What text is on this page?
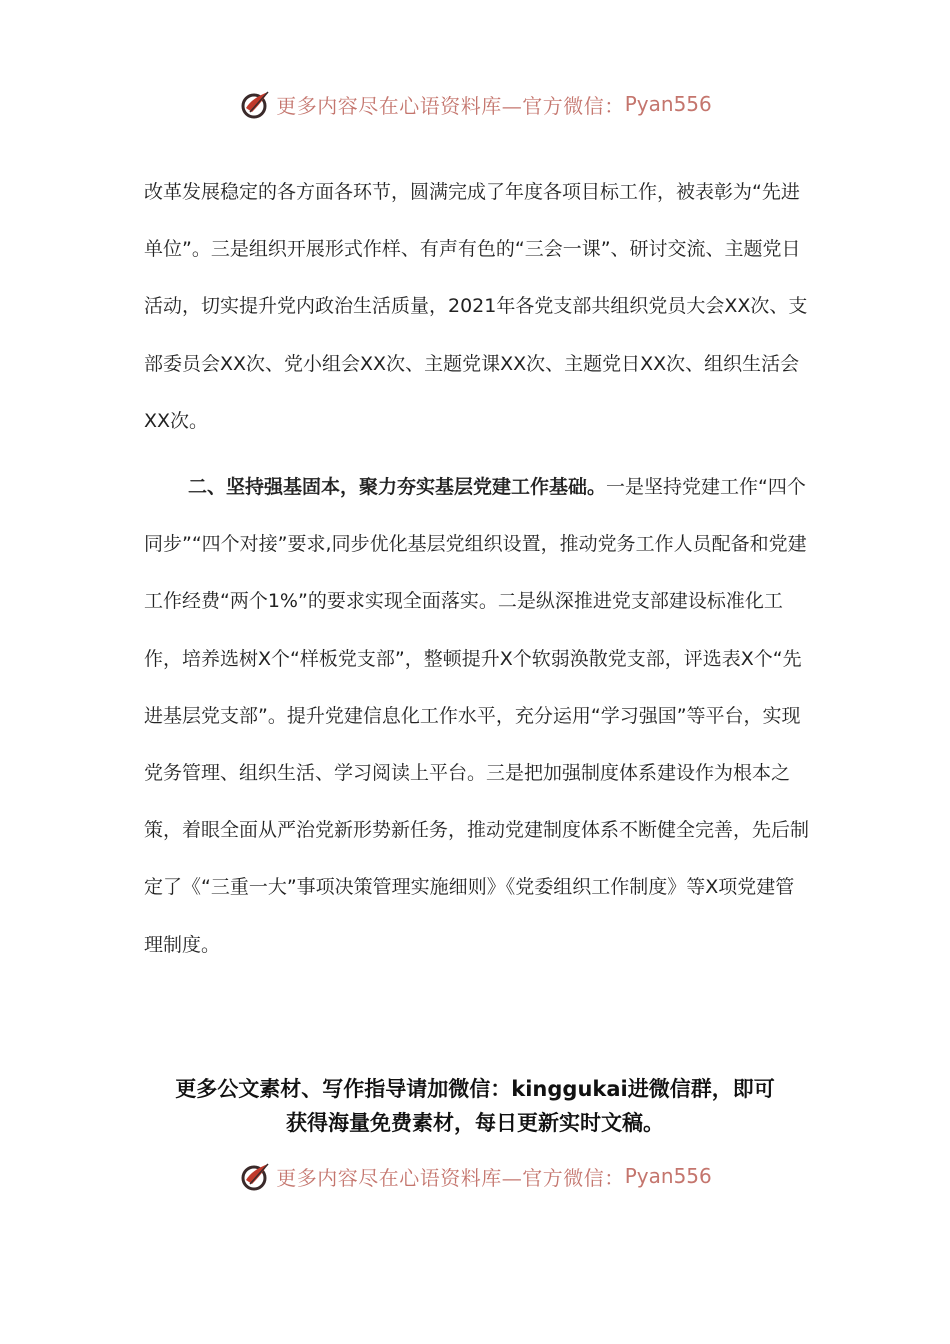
更多内容尽在心语资料库—官方微信： Pyan556

改革发展稳定的各方面各环节，圆满完成了年度各项目标工作，被表彰为“先进单位”。三是组织开展形式作样、有声有色的“三会一课”、研讨交流、主题党日活动，切实提升党内政治生活质量，2021年各党支部共组织党员大会XX次、支部委员会XX次、党小组会XX次、主题党课XX次、主题党日XX次、组织生活会XX次。

二、坚持强基固本，聚力夯实基层党建工作基础。一是坚持党建工作“四个同步”“四个对接”要求,同步优化基层党组织设置，推动党务工作人员配备和党建工作经费“两个1%”的要求实现全面落实。二是纵深推进党支部建设标准化工作，培养选树X个“样板党支部”，整顿提升X个软弱涣散党支部，评选表X个“先进基层党支部”。提升党建信息化工作水平，充分运用“学习强国”等平台，实现党务管理、组织生活、学习阅读上平台。三是把加强制度体系建设作为根本之策，着眼全面从严治党新形势新任务，推动党建制度体系不断健全完善，先后制定了《“三重一大”事项决策管理实施细则》《党委组织工作制度》等X项党建管理制度。

更多公文素材、写作指导请加微信：kinggukai进微信群，即可
获得海量免费素材，每日更新实时文稿。
更多内容尽在心语资料库—官方微信： Pyan556
